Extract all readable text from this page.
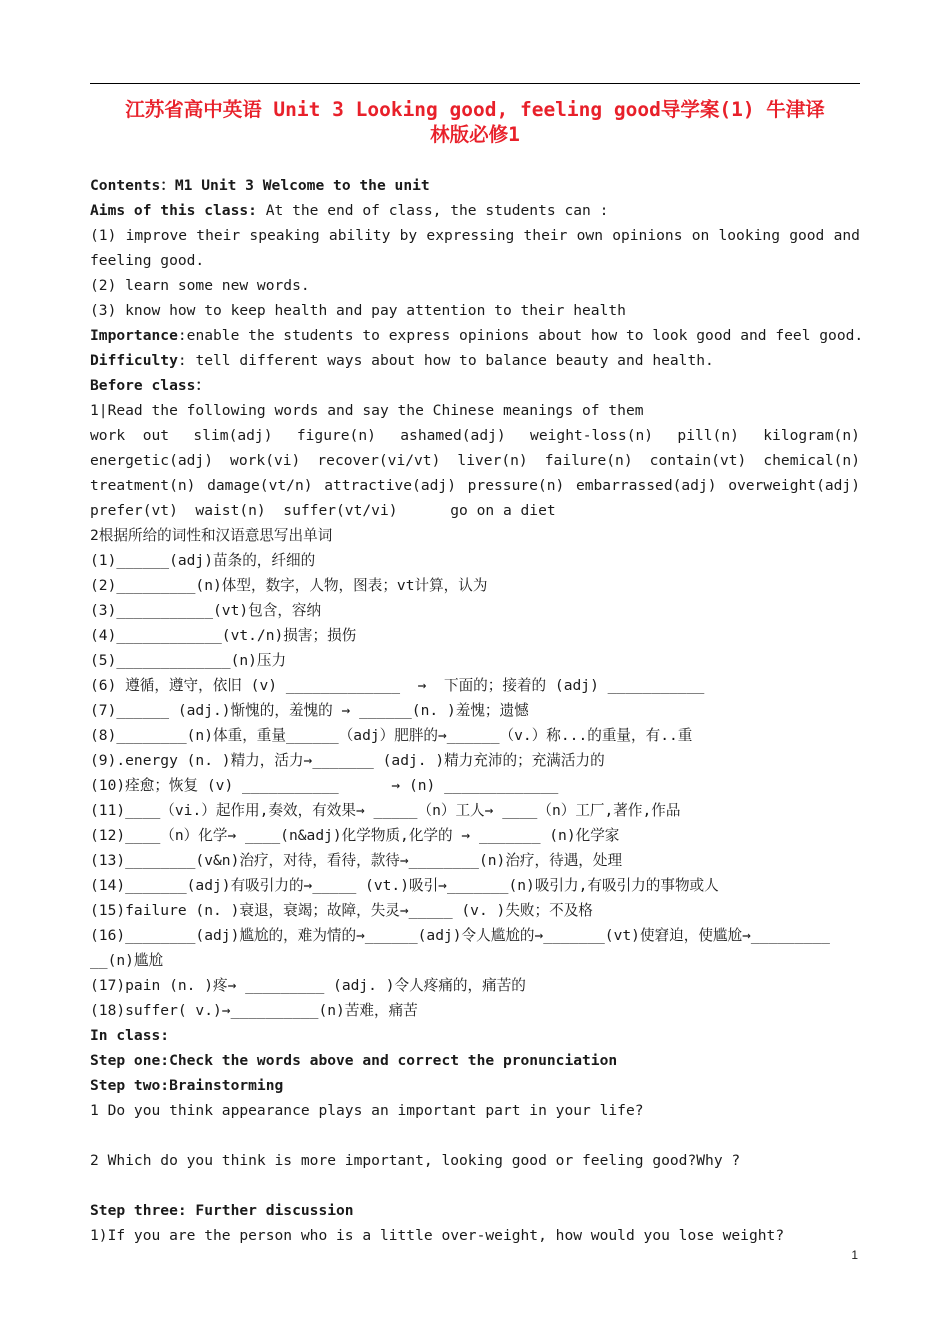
江苏省高中英语 Unit 3 Looking good, feeling good导学案(1) 牛津译
林版必修1
Contents：M1 Unit 3 Welcome to the unit
Aims of this class: At the end of class, the students can :
(1) improve their speaking ability by expressing their own opinions on looking good and
feeling good.
(2) learn some new words.
(3) know how to keep health and pay attention to their health
Importance:enable the students to express opinions about how to look good and feel good.
Difficulty: tell different ways about how to balance beauty and health.
Before class：
1|Read the following words and say the Chinese meanings of them
work  out slim(adj) figure(n) ashamed(adj) weight-loss(n) pill(n) kilogram(n)
energetic(adj) work(vi) recover(vi/vt) liver(n) failure(n) contain(vt) chemical(n)
treatment(n) damage(vt/n) attractive(adj) pressure(n) embarrassed(adj) overweight(adj)
prefer(vt)  waist(n)  suffer(vt/vi)      go on a diet
2根据所给的词性和汉语意思写出单词
(1)______(adj)苗条的，纤细的
(2)_________(n)体型，数字，人物，图表；vt计算，认为
(3)___________(vt)包含，容纳
(4)____________(vt./n)损害；损伤
(5)_____________(n)压力
(6) 遵循，遵守，依旧 (v) _____________  →  下面的；接着的 (adj) ___________
(7)______ (adj.)惭愧的，羞愧的 → ______(n. )羞愧；遗憾
(8)________(n)体重，重量______（adj）肥胖的→______（v.）称...的重量，有..重
(9).energy (n. )精力，活力→_______ (adj. )精力充沛的；充满活力的
(10)痊愈；恢复 (v) ___________      → (n) _____________
(11)____（vi.）起作用,奏效，有效果→ _____（n）工人→ ____（n）工厂,著作,作品
(12)____（n）化学→ ____(n&adj)化学物质,化学的 → _______ (n)化学家
(13)________(v&n)治疗，对待，看待，款待→________(n)治疗，待遇，处理
(14)_______(adj)有吸引力的→_____ (vt.)吸引→_______(n)吸引力,有吸引力的事物或人
(15)failure (n. )衰退，衰竭；故障，失灵→_____ (v. )失败；不及格
(16)________(adj)尴尬的，难为情的→______(adj)令人尴尬的→_______(vt)使窘迫，使尴尬→_________
__(n)尴尬
(17)pain (n. )疼→ _________ (adj. )令人疼痛的，痛苦的
(18)suffer( v.)→__________(n)苦难，痛苦
In class:
Step one:Check the words above and correct the pronunciation
Step two:Brainstorming
1 Do you think appearance plays an important part in your life?
2 Which do you think is more important, looking good or feeling good?Why ?
Step three: Further discussion
1)If you are the person who is a little over-weight, how would you lose weight?
1
